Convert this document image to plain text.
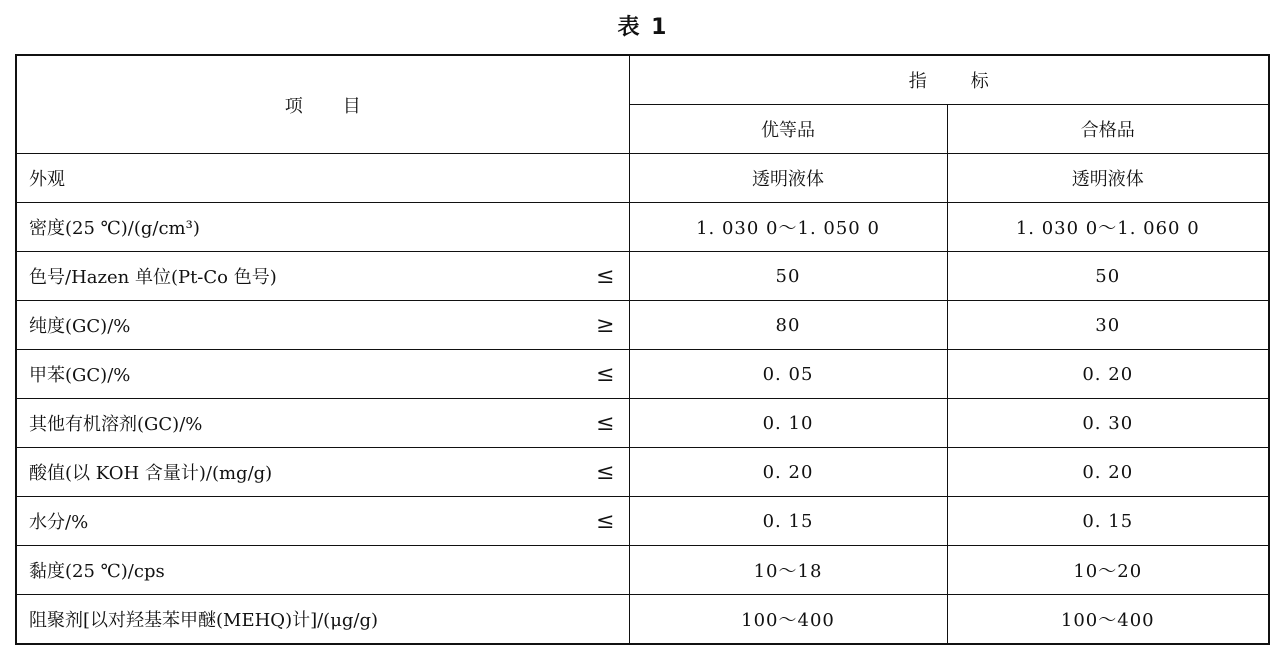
表 1
项目	指标	
	优等品	合格品

外观	透明液体	透明液体

密度(25 ℃)/(g/cm³)	1. 030 0～1. 050 0	1. 030 0～1. 060 0

色号/Hazen 单位(Pt-Co 色号) ≤	50	50

纯度(GC)/% ≥	80	30

甲苯(GC)/% ≤	0. 05	0. 20

其他有机溶剂(GC)/% ≤	0. 10	0. 30

酸值(以 KOH 含量计)/(mg/g) ≤	0. 20	0. 20

水分/% ≤	0. 15	0. 15

黏度(25 ℃)/cps	10～18	10～20

阻聚剂[以对羟基苯甲醚(MEHQ)计]/(μg/g)	100～400	100～400
